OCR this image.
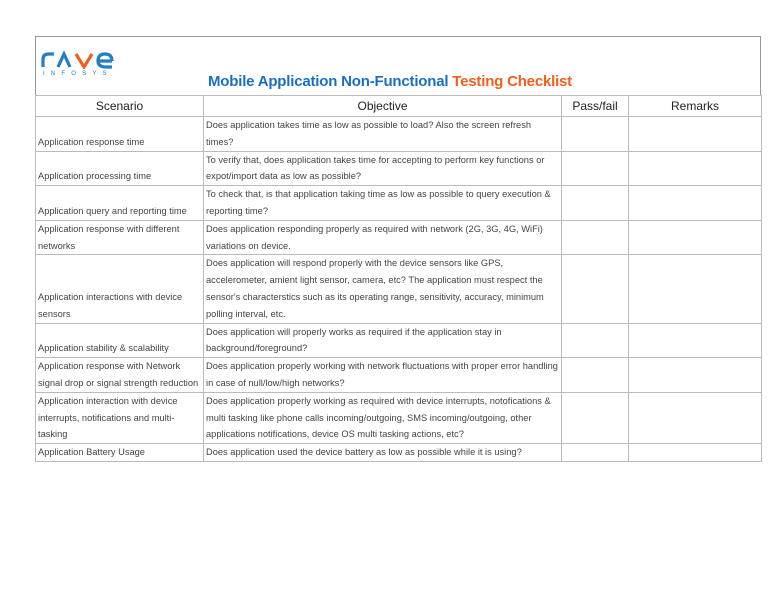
INFOSYS	Mobile Application Non-Functional Testing Checklist
Scenario	Objective	Pass/fail	Remarks
Application response time	Does application takes time as low as possible to load? Also the screen refresh times?		
Application processing time	To verify that, does application takes time for accepting to perform key functions or expot/import data as low as possible?		
Application query and reporting time	To check that, is that application taking time as low as possible to query execution & reporting time?		
Application response with different networks	Does application responding properly as required with network (2G, 3G, 4G, WiFi) variations on device.		
Application interactions with device sensors	Does application will respond properly with the device sensors like GPS, accelerometer, amient light sensor, camera, etc? The application must respect the sensor's characterstics such as its operating range, sensitivity, accuracy, minimum polling interval, etc.		
Application stability & scalability	Does application will properly works as required if the application stay in background/foreground?		
Application response with Network signal drop or signal strength reduction	Does application properly working with network fluctuations with proper error handling in case of null/low/high networks?		
Application interaction with device interrupts, notifications and multi-tasking	Does application properly working as required with device interrupts, notofications & multi tasking like phone calls incoming/outgoing, SMS incoming/outgoing, other applications notifications, device OS multi tasking actions, etc?		
Application Battery Usage	Does application used the device battery as low as possible while it is using?		
